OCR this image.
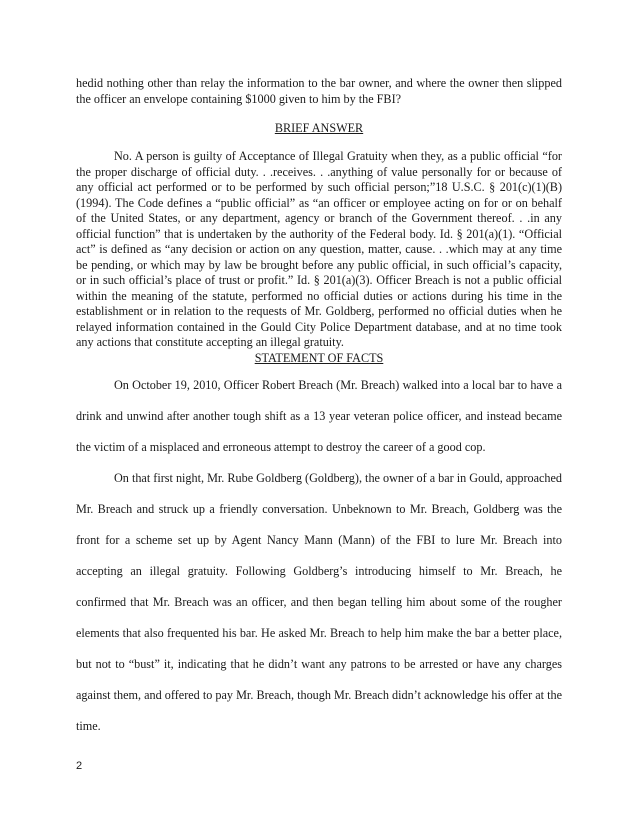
hedid nothing other than relay the information to the bar owner, and where the owner then slipped the officer an envelope containing $1000 given to him by the FBI?

BRIEF ANSWER

No. A person is guilty of Acceptance of Illegal Gratuity when they, as a public official “for the proper discharge of official duty. . .receives. . .anything of value personally for or because of any official act performed or to be performed by such official person;”18 U.S.C. § 201(c)(1)(B) (1994). The Code defines a “public official” as “an officer or employee acting on for or on behalf of the United States, or any department, agency or branch of the Government thereof. . .in any official function” that is undertaken by the authority of the Federal body. Id. § 201(a)(1). “Official act” is defined as “any decision or action on any question, matter, cause. . .which may at any time be pending, or which may by law be brought before any public official, in such official’s capacity, or in such official’s place of trust or profit.” Id. § 201(a)(3). Officer Breach is not a public official within the meaning of the statute, performed no official duties or actions during his time in the establishment or in relation to the requests of Mr. Goldberg, performed no official duties when he relayed information contained in the Gould City Police Department database, and at no time took any actions that constitute accepting an illegal gratuity.

STATEMENT OF FACTS

On October 19, 2010, Officer Robert Breach (Mr. Breach) walked into a local bar to have a drink and unwind after another tough shift as a 13 year veteran police officer, and instead became the victim of a misplaced and erroneous attempt to destroy the career of a good cop.

On that first night, Mr. Rube Goldberg (Goldberg), the owner of a bar in Gould, approached Mr. Breach and struck up a friendly conversation. Unbeknown to Mr. Breach, Goldberg was the front for a scheme set up by Agent Nancy Mann (Mann) of the FBI to lure Mr. Breach into accepting an illegal gratuity. Following Goldberg’s introducing himself to Mr. Breach, he confirmed that Mr. Breach was an officer, and then began telling him about some of the rougher elements that also frequented his bar. He asked Mr. Breach to help him make the bar a better place, but not to “bust” it, indicating that he didn’t want any patrons to be arrested or have any charges against them, and offered to pay Mr. Breach, though Mr. Breach didn’t acknowledge his offer at the time.

2
